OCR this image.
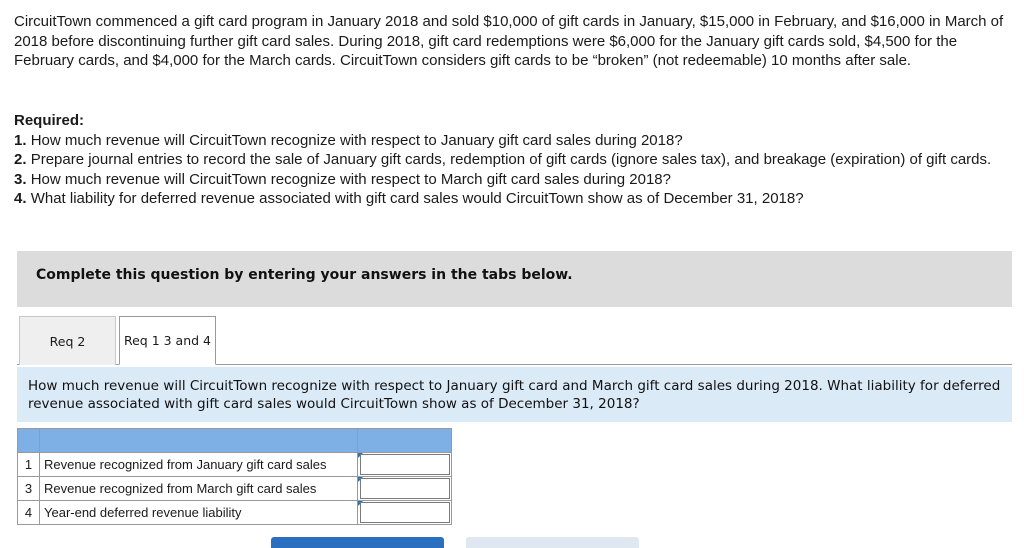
CircuitTown commenced a gift card program in January 2018 and sold $10,000 of gift cards in January, $15,000 in February, and $16,000 in March of 2018 before discontinuing further gift card sales. During 2018, gift card redemptions were $6,000 for the January gift cards sold, $4,500 for the February cards, and $4,000 for the March cards. CircuitTown considers gift cards to be “broken” (not redeemable) 10 months after sale.
Required:
1. How much revenue will CircuitTown recognize with respect to January gift card sales during 2018?
2. Prepare journal entries to record the sale of January gift cards, redemption of gift cards (ignore sales tax), and breakage (expiration) of gift cards.
3. How much revenue will CircuitTown recognize with respect to March gift card sales during 2018?
4. What liability for deferred revenue associated with gift card sales would CircuitTown show as of December 31, 2018?
Complete this question by entering your answers in the tabs below.
Req 2	Req 1 3 and 4
How much revenue will CircuitTown recognize with respect to January gift card and March gift card sales during 2018. What liability for deferred revenue associated with gift card sales would CircuitTown show as of December 31, 2018?

1	Revenue recognized from January gift card sales	

3	Revenue recognized from March gift card sales	

4	Year-end deferred revenue liability	
